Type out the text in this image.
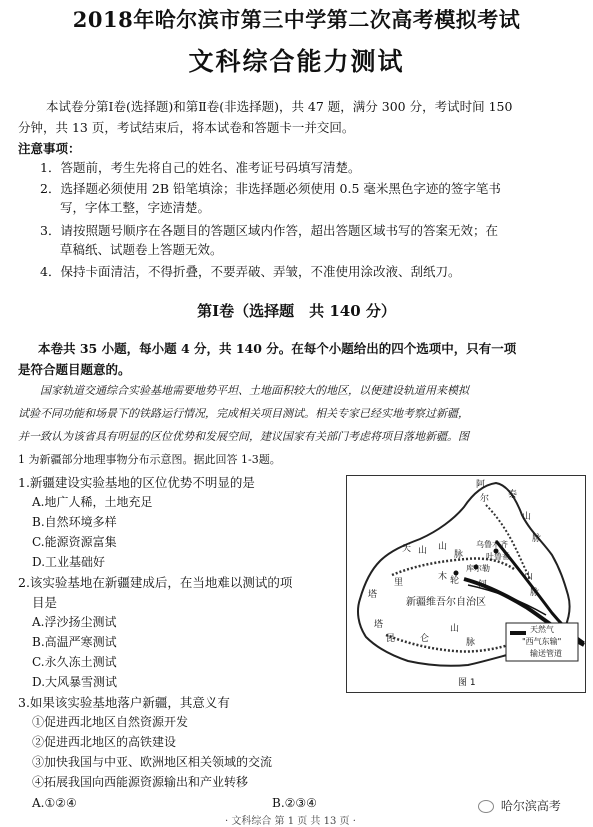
2018年哈尔滨市第三中学第二次高考模拟考试
文科综合能力测试
本试卷分第Ⅰ卷(选择题)和第Ⅱ卷(非选择题)，共 47 题，满分 300 分，考试时间 150
分钟，共 13 页，考试结束后，将本试卷和答题卡一并交回。
注意事项：
1．答题前，考生先将自己的姓名、准考证号码填写清楚。
2．选择题必须使用 2B 铅笔填涂；非选择题必须使用 0.5 毫米黑色字迹的签字笔书
写，字体工整，字迹清楚。
3．请按照题号顺序在各题目的答题区域内作答，超出答题区域书写的答案无效；在
草稿纸、试题卷上答题无效。
4．保持卡面清洁，不得折叠，不要弄破、弄皱，不准使用涂改液、刮纸刀。
第Ⅰ卷（选择题　共 140 分）
本卷共 35 小题，每小题 4 分，共 140 分。在每个小题给出的四个选项中，只有一项
是符合题目题意的。
国家轨道交通综合实验基地需要地势平坦、土地面积较大的地区，以便建设轨道用来模拟
试验不同功能和场景下的铁路运行情况，完成相关项目测试。相关专家已经实地考察过新疆，
并一致认为该省具有明显的区位优势和发展空间，建议国家有关部门考虑将项目落地新疆。图
1 为新疆部分地理事物分布示意图。据此回答 1-3题。
1.新疆建设实验基地的区位优势不明显的是
A.地广人稀，土地充足
B.自然环境多样
C.能源资源富集
D.工业基础好
2.该实验基地在新疆建成后，在当地难以测试的项
目是
A.浮沙扬尘测试
B.高温严寒测试
C.永久冻土测试
D.大风暴雪测试
3.如果该实验基地落户新疆，其意义有
①促进西北地区自然资源开发
②促进西北地区的高铁建设
③加快我国与中亚、欧洲地区相关领域的交流
④拓展我国向西能源资源输出和产业转移
A.①②④	B.②③④
阿
尔 泰
山
脉
天 山 山
脉
乌鲁木齐
吐鲁番
库尔勒
里
木 轮 间
塔
新疆维吾尔自治区
塔
昆	仑
山
脉
山
脉
天然气
"西气东输"
输送管道
图 1
· 文科综合 第 1 页 共 13 页 ·
哈尔滨高考
